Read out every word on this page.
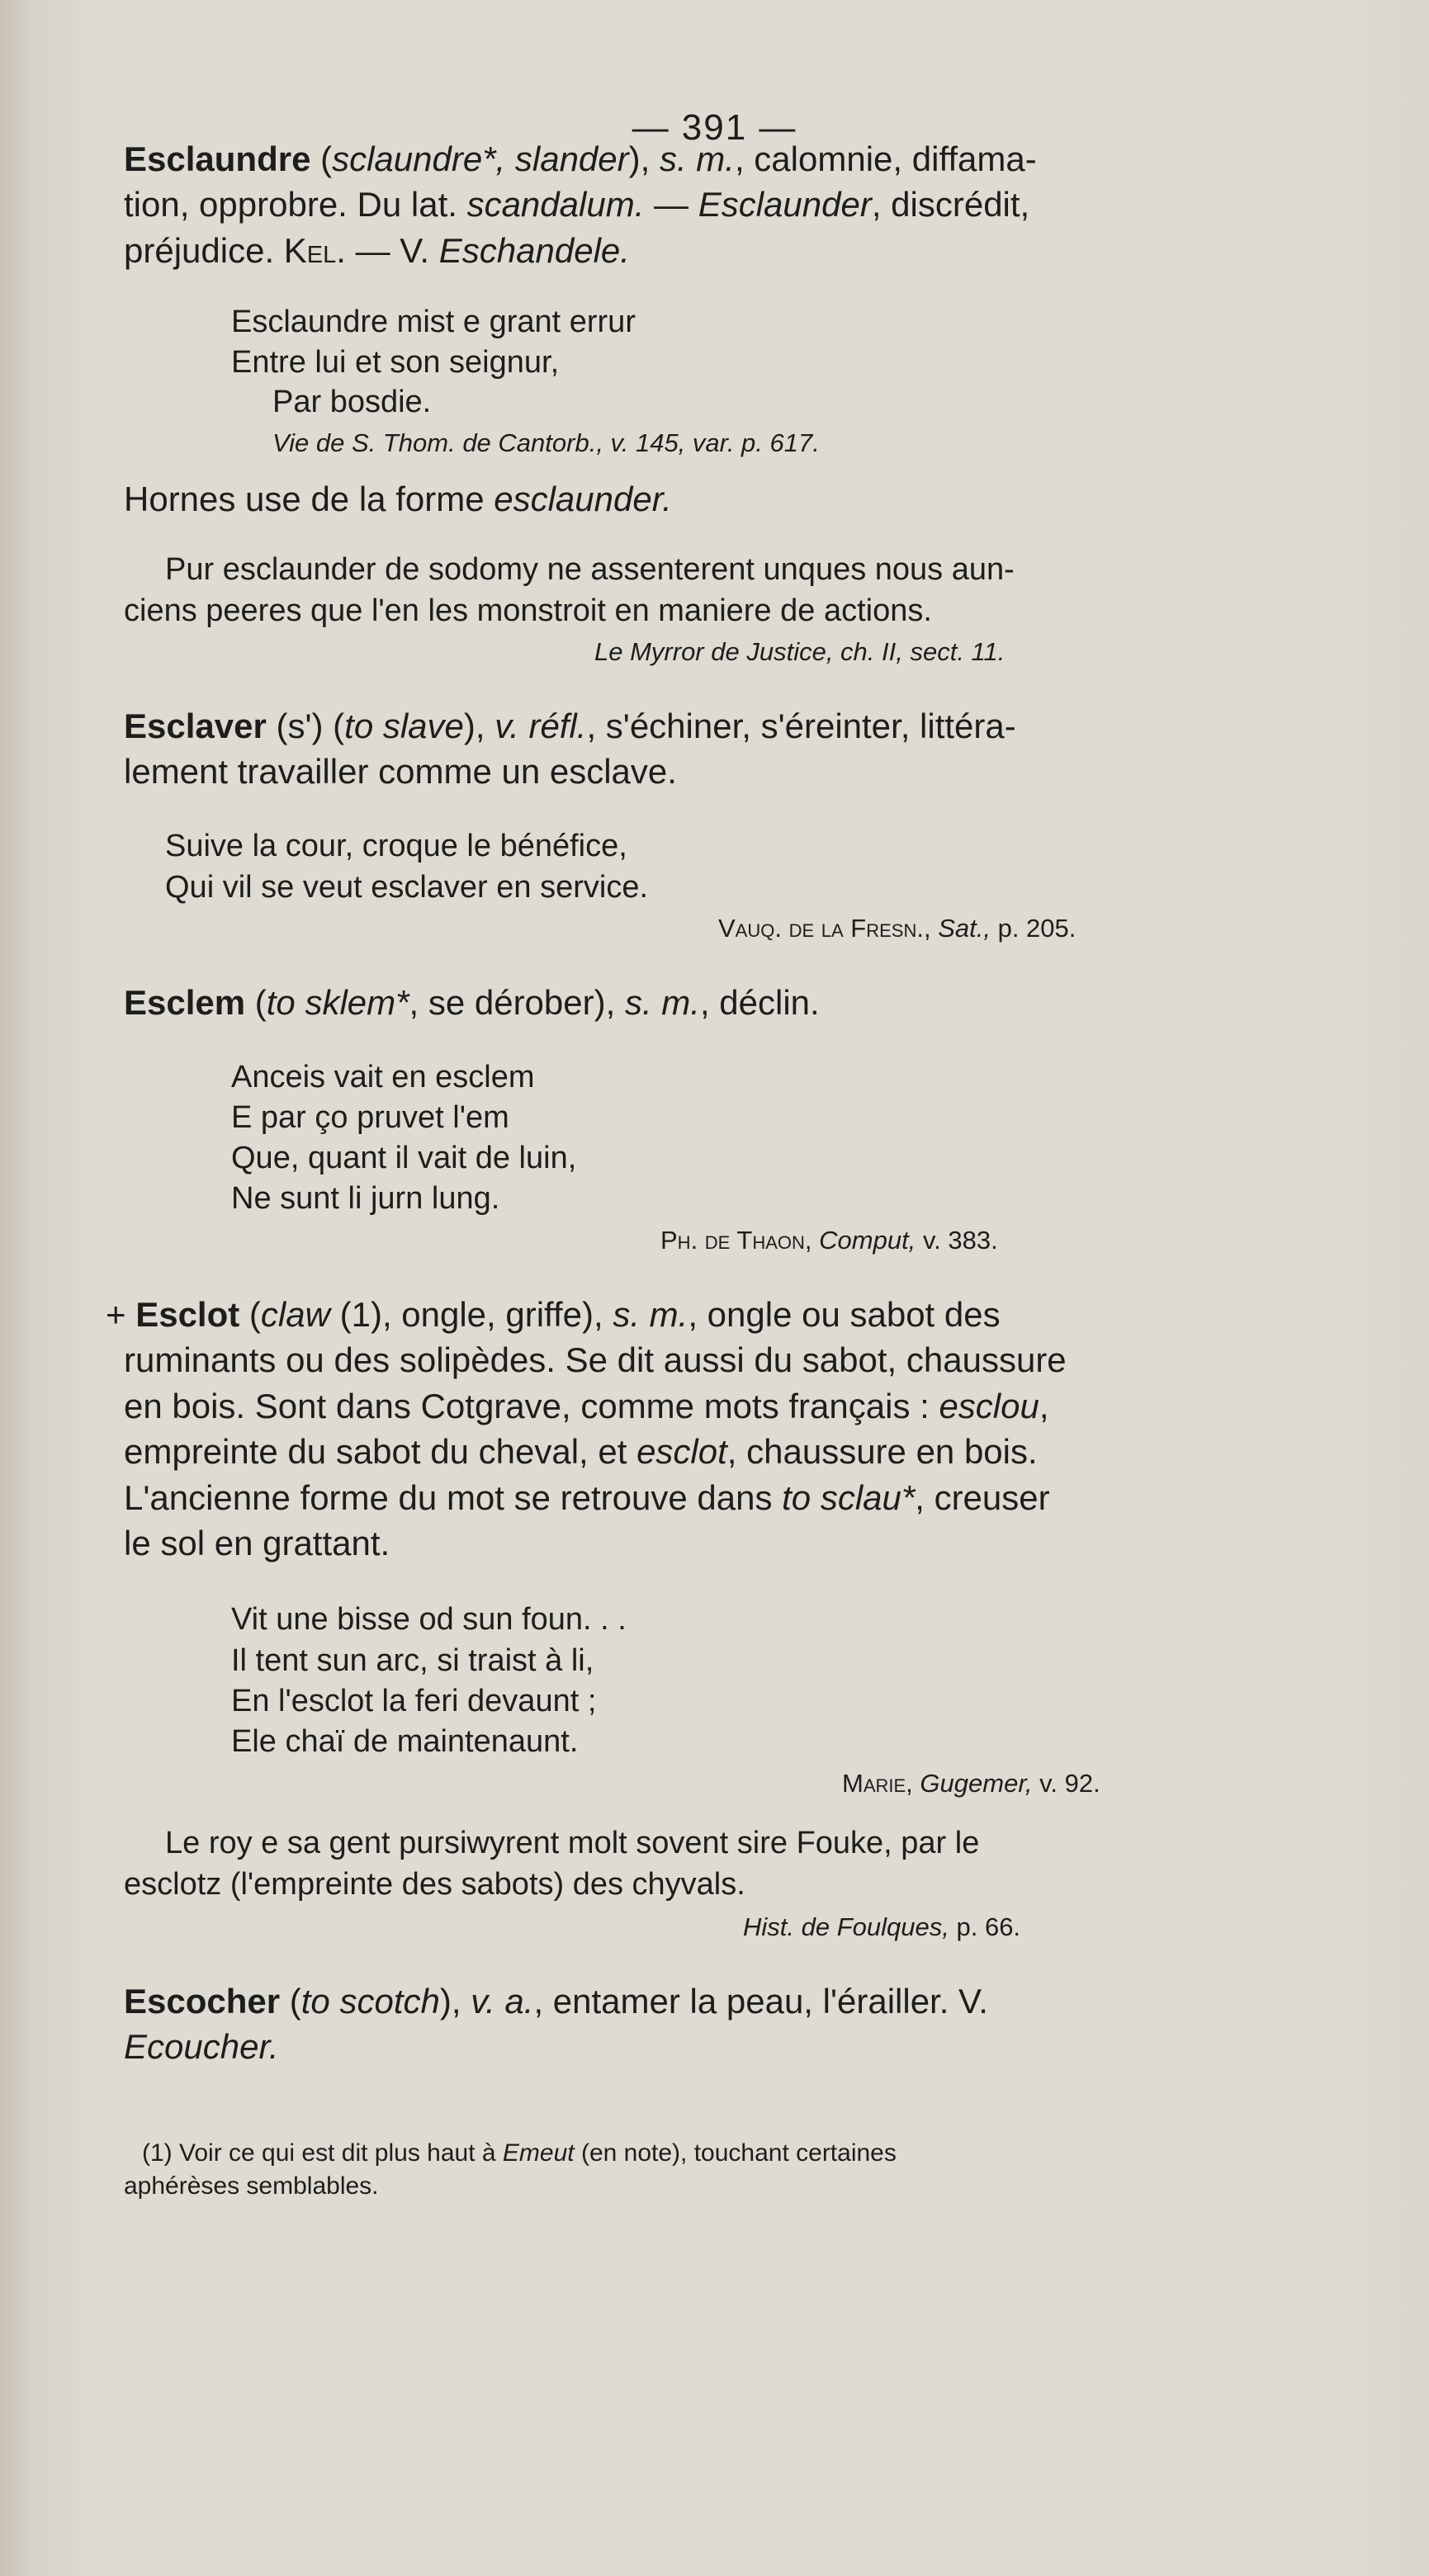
— 391 —
Esclaundre (sclaundre*, slander), s. m., calomnie, diffama-
tion, opprobre. Du lat. scandalum. — Esclaunder, discrédit,
préjudice. Kel. — V. Eschandele.
Esclaundre mist e grant errur
Entre lui et son seignur,
Par bosdie.
Vie de S. Thom. de Cantorb., v. 145, var. p. 617.
Hornes use de la forme esclaunder.
Pur esclaunder de sodomy ne assenterent unques nous aun-
ciens peeres que l'en les monstroit en maniere de actions.
Le Myrror de Justice, ch. II, sect. 11.
Esclaver (s') (to slave), v. réfl., s'échiner, s'éreinter, littéra-
lement travailler comme un esclave.
Suive la cour, croque le bénéfice,
Qui vil se veut esclaver en service.
Vauq. de la Fresn., Sat., p. 205.
Esclem (to sklem*, se dérober), s. m., déclin.
Anceis vait en esclem
E par ço pruvet l'em
Que, quant il vait de luin,
Ne sunt li jurn lung.
Ph. de Thaon, Comput, v. 383.
+ Esclot (claw (1), ongle, griffe), s. m., ongle ou sabot des
ruminants ou des solipèdes. Se dit aussi du sabot, chaussure
en bois. Sont dans Cotgrave, comme mots français : esclou,
empreinte du sabot du cheval, et esclot, chaussure en bois.
L'ancienne forme du mot se retrouve dans to sclau*, creuser
le sol en grattant.
Vit une bisse od sun foun. . .
Il tent sun arc, si traist à li,
En l'esclot la feri devaunt ;
Ele chaï de maintenaunt.
Marie, Gugemer, v. 92.
Le roy e sa gent pursiwyrent molt sovent sire Fouke, par le
esclotz (l'empreinte des sabots) des chyvals.
Hist. de Foulques, p. 66.
Escocher (to scotch), v. a., entamer la peau, l'érailler. V.
Ecoucher.
(1) Voir ce qui est dit plus haut à Emeut (en note), touchant certaines
aphérèses semblables.
